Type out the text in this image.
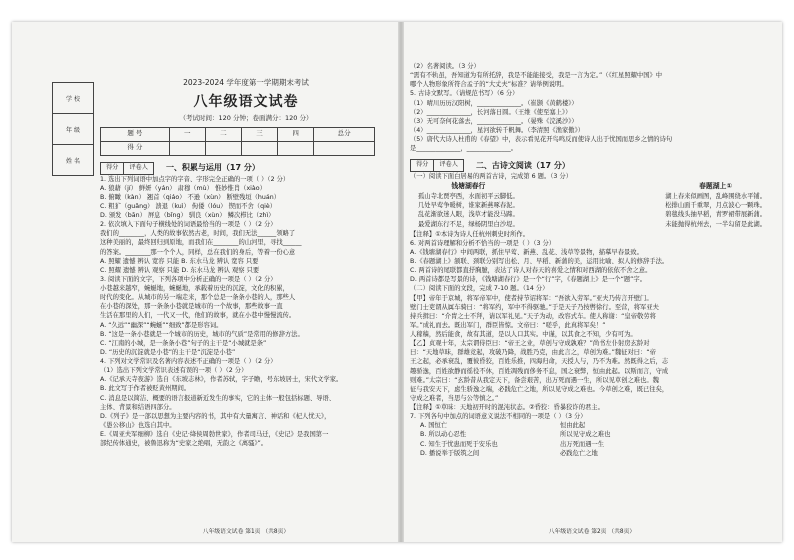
学 校
年 级
姓 名
2023-2024 学年度第一学期期末考试
八年级语文试卷
（考试时间：120 分钟；卷面满分：120 分）
题 号	一	二	三	四	总分
得 分					
得分 评卷人	一、积累与运用（17 分）
1. 选出下列词语中加点字的字音、字形完全正确的一项（ ）（2 分）
A. 狼藉（jí） 鲜妍（yán） 肃穆（mù） 惟妙惟肖（xiào）
B. 俯瞰（kàn） 翘首（qiáo） 不逊（xùn） 断壁残垣（huán）
C. 粗犷（guǎng） 溃退（kuì） 佝偻（lóu） 锲而不舍（qiè）
D. 颁发（bān） 屏息（bǐng） 驯良（xùn） 鳞次栉比（zhì）
2. 依次填入下面句子横线处的词语最恰当的一项是（ ）（2 分）
我们的________，人类的故事依然古老，时间，我们无法______领略了
这种美丽的，最终回归到原地，而我们在________的山河里，寻找______
的答案。________那一个个人，同样，总在我们的身后，等着一份心意
A. 照耀 遗憾 辨认 宽容 只能 B. 东水马龙 辨认 宽容 只要
C. 照耀 遗憾 辨认 观察 只能 D. 东水马龙 辨认 观察 只要
3. 阅读下面的文字，下列各项中分析正确的一项是（ ）（2 分）
小巷越来越窄，蜿蜒地，蜿蜒地，承载着历史的沉淀，文化的积累，
时代的变化。从城市的另一端走来，那个总是一条条小巷的人，那些人
在小巷的深处，那一条条小巷就是城市的一个故事，那些故事一直
生活在那里的人们，一代又一代，他们的故事，就在小巷中慢慢流传。
A. “久远”“幽深”“蜿蜒”“细致”都是形容词。
B. “这是一条小巷就是一个城市的历史，城市的气质”是常用的修辞方法。
C. “江南的小城，是一条条小巷”句子的主干是“小城就是条”
D. “历史的沉淀就是小巷”的主干是“沉淀是小巷”
4. 下列对文学常识及名著内容表述不正确的一项是（ ）（2 分）
（1）选出下列文学常识表述有误的一项（ ）（2 分）
A.《记承天寺夜游》选自《东坡志林》，作者苏轼，字子瞻，号东坡居士，宋代文学家。
B. 此文写于作者被贬黄州期间。
C. 消息是以简洁、概要的语言报道新近发生的事实，它的主体一般包括标题、导语、
主体、背景和结语四部分。
D.《列子》是一部以思想为主要内容的书，其中有大量寓言、神话和《杞人忧天》，
《愚公移山》也选自其中。
E.《周亚夫军细柳》选自《史记·绛侯周勃世家》，作者司马迁，《史记》是我国第一
部纪传体通史，被鲁迅称为“史家之绝唱，无韵之《离骚》”。
八年级语文试卷 第1页 （共8页）
（2）名著阅读。（3 分）
“需有不轨虽，吾知道为有所托辞，我是不能能接受，我是一言为定。”（《红星照耀中国》中
哪个人物形象所符合孟子的“大丈夫”标准？请举例说明。
5. 古诗文默写。（请规范书写）（6 分）
（1）晴川历历汉阳树，______________。（崔颢《黄鹤楼》）
（2）______________，长河落日圆。（王维《使至塞上》）
（3）无可奈何花落去，______________。（晏殊《浣溪沙》）
（4）______________，星河欲转千帆舞。（李清照《渔家傲》）
（5）唐代大诗人杜甫的《春望》中，表示看见花开鸟鸣反而使诗人出于忧国而思乡之情的诗句
是______________，______________。
得分 评卷人	二、古诗文阅读（17 分）
（一）阅读下面白居易的两首古诗，完成第 6 题。（3 分）
钱塘湖春行
孤山寺北贾亭西，水面初平云脚低。
几处早莺争暖树，谁家新燕啄春泥。
乱花渐欲迷人眼，浅草才能没马蹄。
最爱湖东行不足，绿杨阴里白沙堤。
春题湖上①
湖上春来似画图，乱峰围绕水平铺。
松排山面千重翠，月点波心一颗珠。
碧毯线头抽早稻，青罗裙带展新蒲。
未能抛得杭州去，一半勾留是此湖。
【注释】①本诗为诗人任杭州刺史时所作。
6. 对两首诗理解和分析不恰当的一项是（ ）（3 分）
A.《钱塘湖春行》中间两联，抓住早莺、新燕、乱花、浅草等景物，描摹早春景致。
B.《春题湖上》颔联、颈联分别写出松、月、早稻、新蒲的美，运用比喻、拟人的修辞手法。
C. 两首诗的尾联都直抒胸臆，表达了诗人对春天的喜爱之情和对西湖的依依不舍之意。
D. 两首诗都是写景的诗，《钱塘湖春行》是一个“行”字，《春题湖上》是一个“题”字。
（二）阅读下面的文段，完成 7-10 题。（14 分）
【甲】帝年于京城，将军帝军中，使者持节诏将军：“吾欲入劳军。”亚夫乃传言开壁门。
壁门士吏谓从属车骑曰：“将军约，军中不得驱驰。”于是天子乃按辔徐行。至营，将军亚夫
持兵揖曰：“介胄之士不拜，请以军礼见。”天子为动，改容式车。使人称谢：“皇帝敬劳将
军。”成礼而去。既出军门，群臣皆惊。文帝曰：“嗟乎，此真将军矣！”
人稼穑，然后能食，故有其道，是以人口其实。中谨，以其食之不知，少有可为。
【乙】贞观十年，太宗谓侍臣曰：“帝王之业，草创与守成孰难？”尚书左仆射房玄龄对
曰：“天地草昧，群雄竞起，攻破乃降，战胜乃克，由此言之，草创为难。”魏征对曰：“帝
王之起，必承衰乱，覆彼昏狡，百姓乐推，四海归命，天授人与，乃不为难。然既得之后，志
趣骄逸，百姓欲静而徭役不休，百姓凋残而侈务不息，国之衰弊，恒由此起。以斯而言，守成
则难。”太宗曰：“玄龄昔从我定天下，备尝艰苦，出万死而遇一生，所以见草创之难也。魏
征与我安天下，虑生骄逸之端，必践危亡之地，所以见守成之难也。今草创之难，既已往矣，
守成之难者，当思与公等慎之。”
【注释】①草昧：天地初开时的混沌状态。②昏狡：昏暴狡诈的君主。
7. 下列各句中加点的词语意义说法不相同的一项是（ ）（3 分）
A. 国恒亡	恒由此起
B. 所以动心忍性	所以见守成之难也
C. 知生于忧患而死于安乐也	出万死而遇一生
D. 播说举于版筑之间	必践危亡之地
八年级语文试卷 第2页 （共8页）
